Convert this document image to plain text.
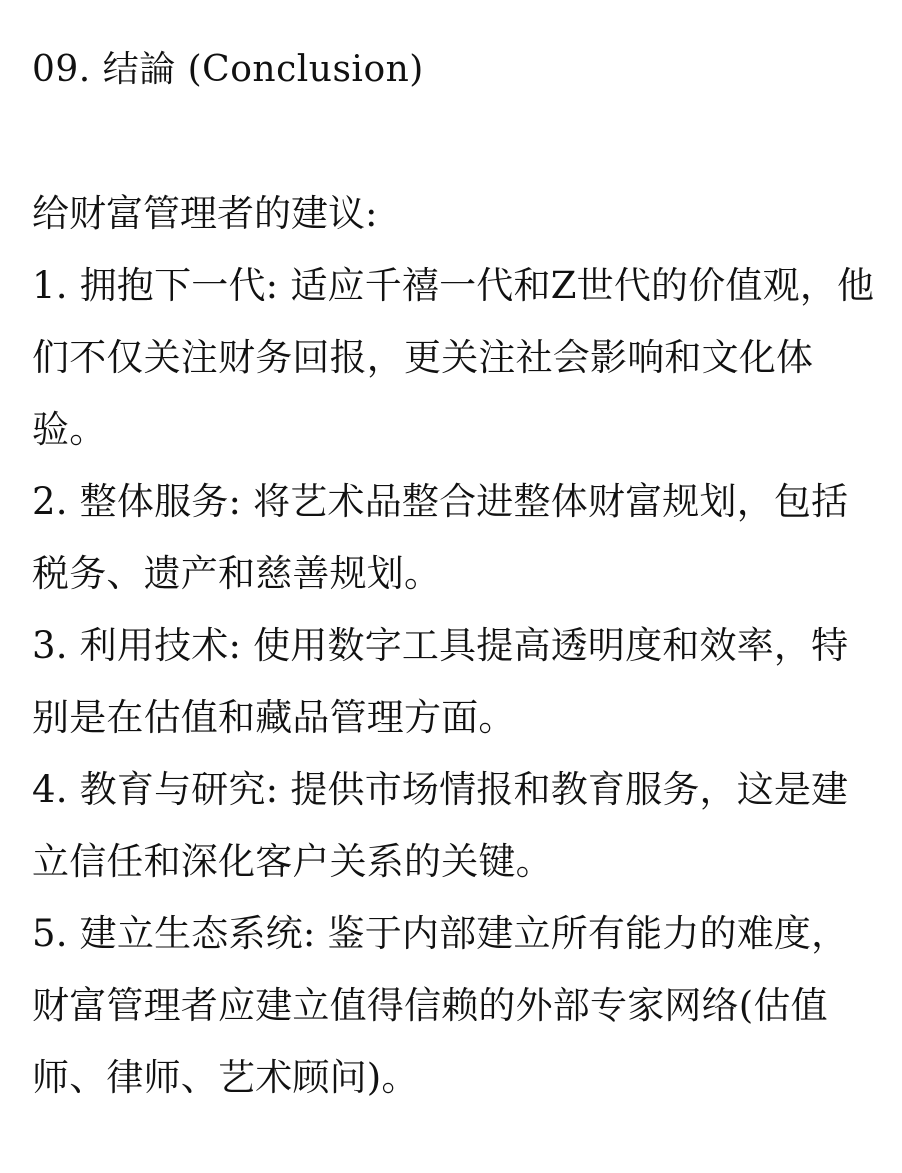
09. 结論 (Conclusion)

给财富管理者的建议:

1. 拥抱下一代: 适应千禧一代和Z世代的价值观，他们不仅关注财务回报，更关注社会影响和文化体验。
2. 整体服务: 将艺术品整合进整体财富规划，包括税务、遗产和慈善规划。
3. 利用技术: 使用数字工具提高透明度和效率，特别是在估值和藏品管理方面。
4. 教育与研究: 提供市场情报和教育服务，这是建立信任和深化客户关系的关键。
5. 建立生态系统: 鉴于内部建立所有能力的难度，财富管理者应建立值得信赖的外部专家网络(估值师、律师、艺术顾问)。
